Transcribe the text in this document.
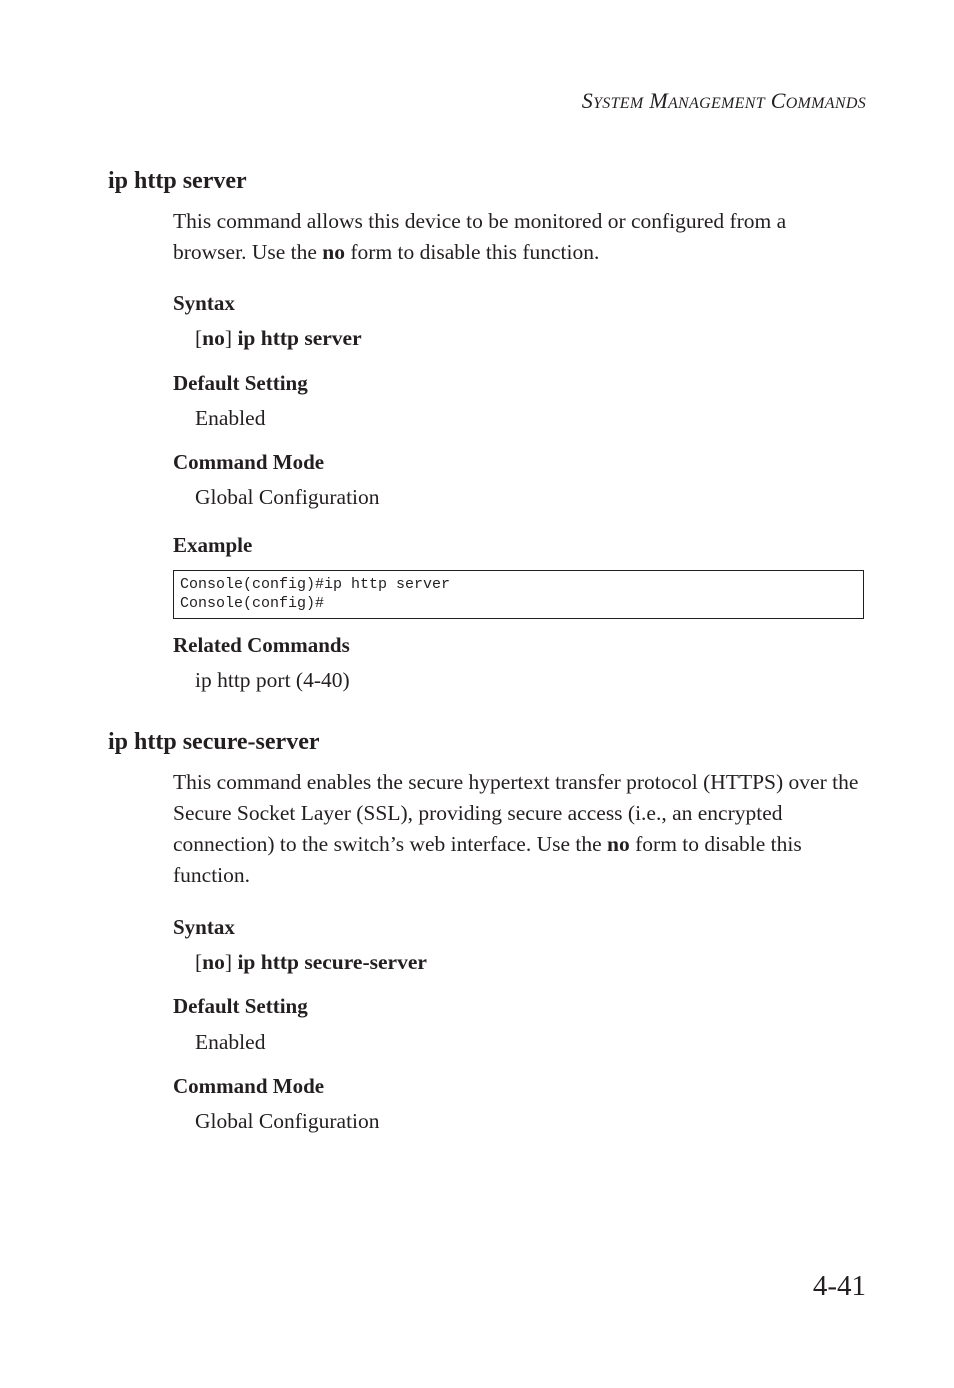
SYSTEM MANAGEMENT COMMANDS
ip http server
This command allows this device to be monitored or configured from a browser. Use the no form to disable this function.
Syntax
[no] ip http server
Default Setting
Enabled
Command Mode
Global Configuration
Example
Console(config)#ip http server
Console(config)#
Related Commands
ip http port (4-40)
ip http secure-server
This command enables the secure hypertext transfer protocol (HTTPS) over the Secure Socket Layer (SSL), providing secure access (i.e., an encrypted connection) to the switch’s web interface. Use the no form to disable this function.
Syntax
[no] ip http secure-server
Default Setting
Enabled
Command Mode
Global Configuration
4-41
